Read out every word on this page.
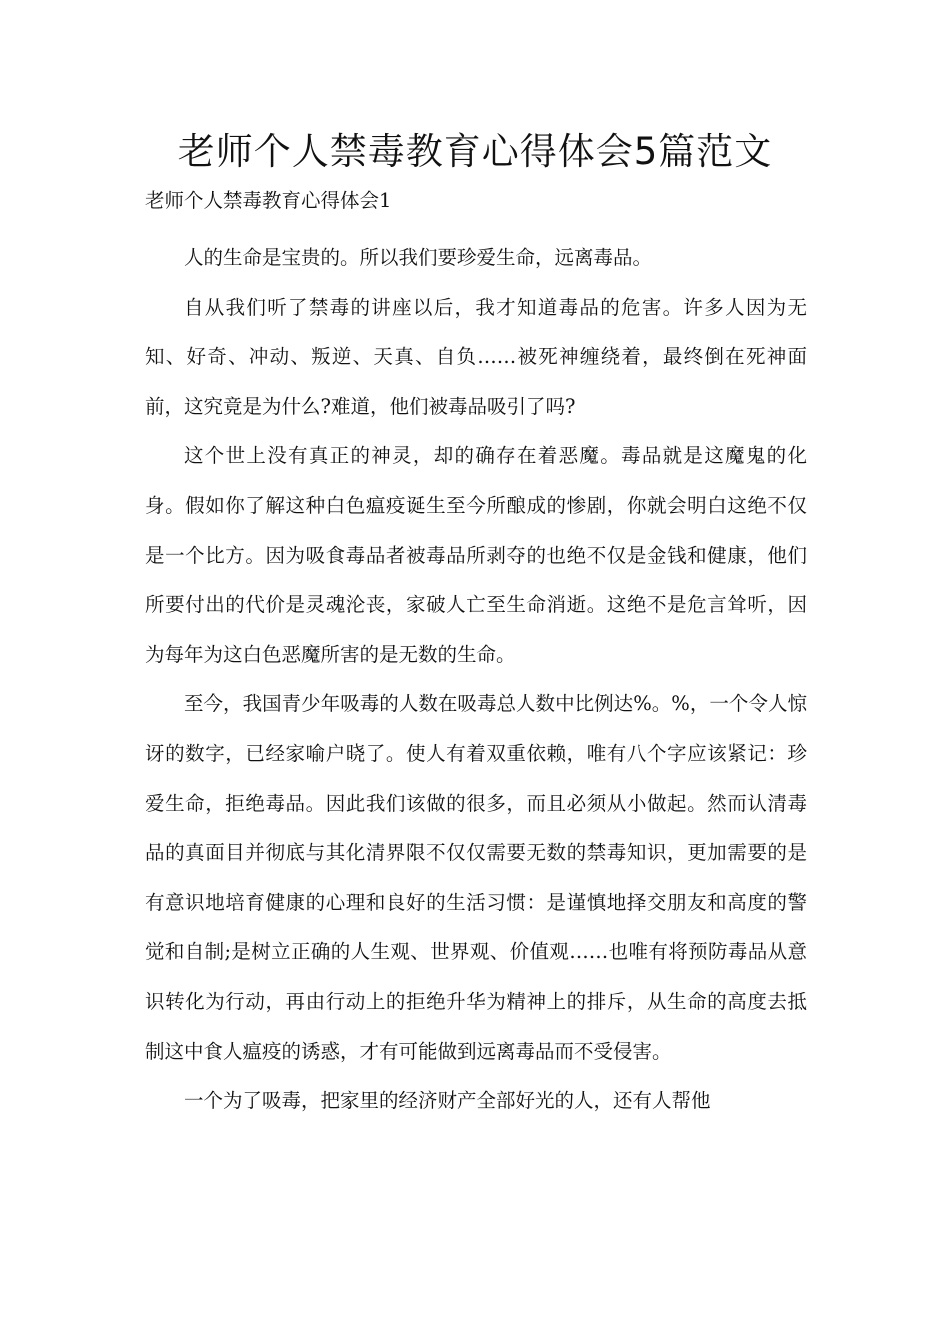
老师个人禁毒教育心得体会5篇范文

老师个人禁毒教育心得体会1

人的生命是宝贵的。所以我们要珍爱生命，远离毒品。

自从我们听了禁毒的讲座以后，我才知道毒品的危害。许多人因为无知、好奇、冲动、叛逆、天真、自负……被死神缠绕着，最终倒在死神面前，这究竟是为什么?难道，他们被毒品吸引了吗?

这个世上没有真正的神灵，却的确存在着恶魔。毒品就是这魔鬼的化身。假如你了解这种白色瘟疫诞生至今所酿成的惨剧，你就会明白这绝不仅是一个比方。因为吸食毒品者被毒品所剥夺的也绝不仅是金钱和健康，他们所要付出的代价是灵魂沦丧，家破人亡至生命消逝。这绝不是危言耸听，因为每年为这白色恶魔所害的是无数的生命。

至今，我国青少年吸毒的人数在吸毒总人数中比例达%。%，一个令人惊讶的数字，已经家喻户晓了。使人有着双重依赖，唯有八个字应该紧记：珍爱生命，拒绝毒品。因此我们该做的很多，而且必须从小做起。然而认清毒品的真面目并彻底与其化清界限不仅仅需要无数的禁毒知识，更加需要的是有意识地培育健康的心理和良好的生活习惯：是谨慎地择交朋友和高度的警觉和自制;是树立正确的人生观、世界观、价值观……也唯有将预防毒品从意识转化为行动，再由行动上的拒绝升华为精神上的排斥，从生命的高度去抵制这中食人瘟疫的诱惑，才有可能做到远离毒品而不受侵害。

一个为了吸毒，把家里的经济财产全部好光的人，还有人帮他
